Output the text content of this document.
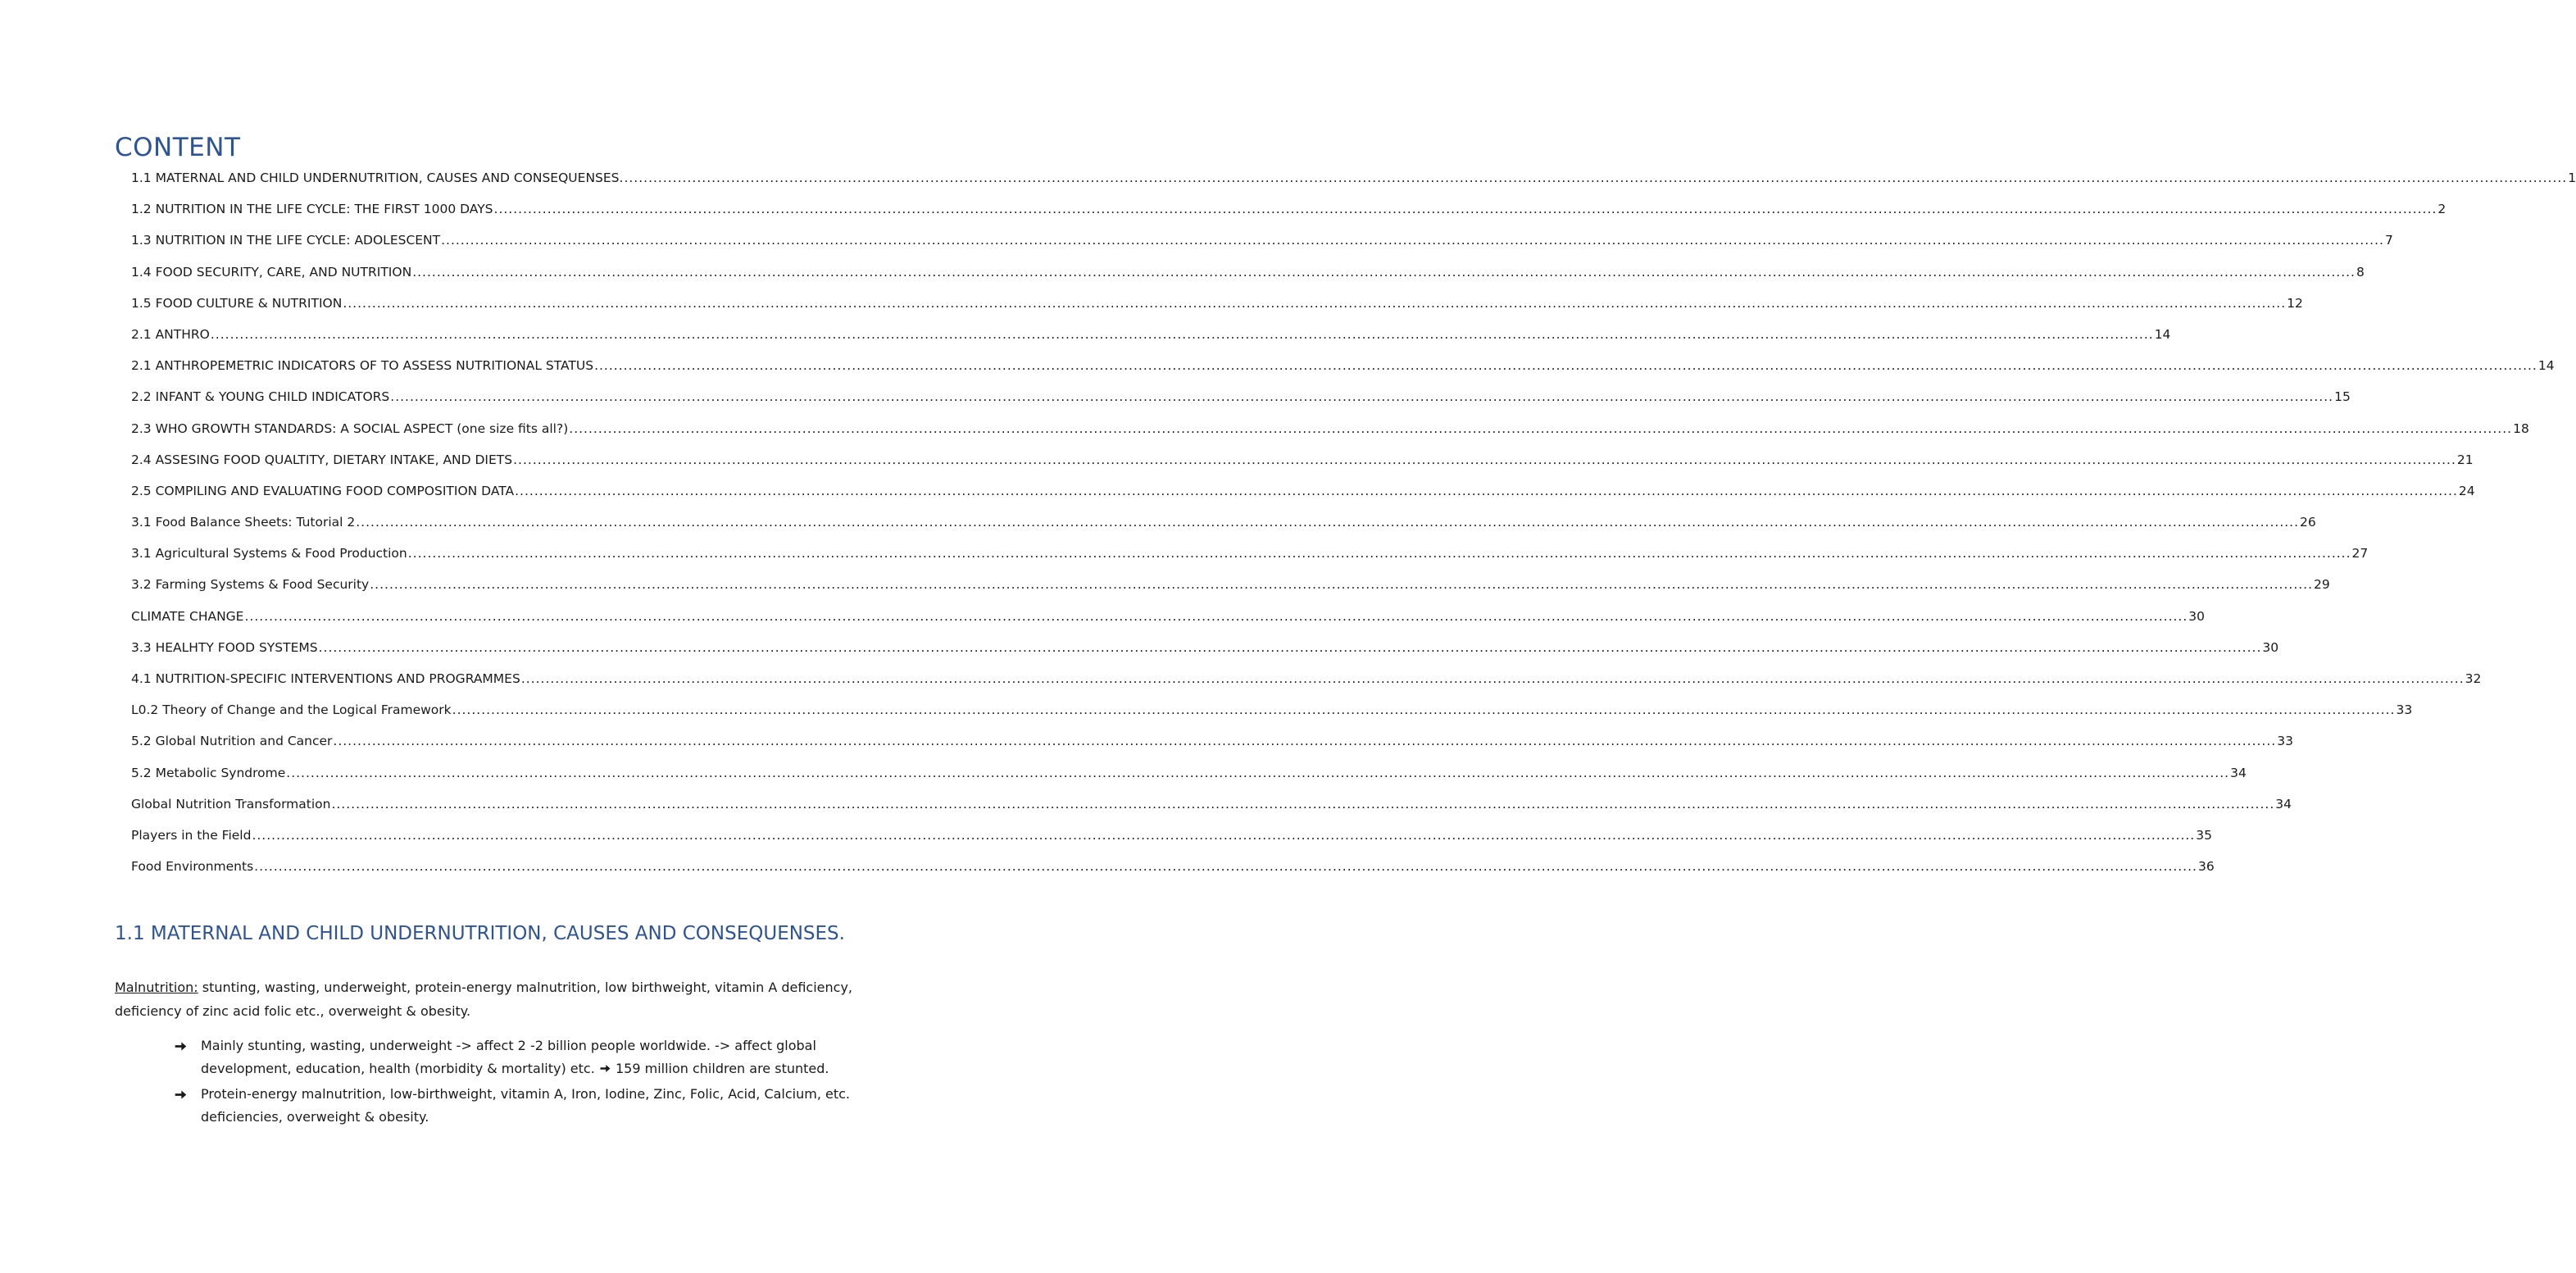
CONTENT
1.1 MATERNAL AND CHILD UNDERNUTRITION, CAUSES AND CONSEQUENSES. ................................................................................................................................................................................................................................................................................................................................................................................................................ 1
1.2 NUTRITION IN THE LIFE CYCLE: THE FIRST 1000 DAYS ................................................................................................................................................................................................................................................................................................................................................................................................................ 2
1.3 NUTRITION IN THE LIFE CYCLE: ADOLESCENT ................................................................................................................................................................................................................................................................................................................................................................................................................ 7
1.4 FOOD SECURITY, CARE, AND NUTRITION ................................................................................................................................................................................................................................................................................................................................................................................................................ 8
1.5 FOOD CULTURE & NUTRITION ................................................................................................................................................................................................................................................................................................................................................................................................................ 12
2.1 ANTHRO ................................................................................................................................................................................................................................................................................................................................................................................................................ 14
2.1 ANTHROPEMETRIC INDICATORS OF TO ASSESS NUTRITIONAL STATUS ................................................................................................................................................................................................................................................................................................................................................................................................................ 14
2.2 INFANT & YOUNG CHILD INDICATORS ................................................................................................................................................................................................................................................................................................................................................................................................................ 15
2.3 WHO GROWTH STANDARDS: A SOCIAL ASPECT (one size fits all?) ................................................................................................................................................................................................................................................................................................................................................................................................................ 18
2.4 ASSESING FOOD QUALTITY, DIETARY INTAKE, AND DIETS ................................................................................................................................................................................................................................................................................................................................................................................................................ 21
2.5 COMPILING AND EVALUATING FOOD COMPOSITION DATA ................................................................................................................................................................................................................................................................................................................................................................................................................ 24
3.1 Food Balance Sheets: Tutorial 2 ................................................................................................................................................................................................................................................................................................................................................................................................................ 26
3.1 Agricultural Systems & Food Production ................................................................................................................................................................................................................................................................................................................................................................................................................ 27
3.2 Farming Systems & Food Security ................................................................................................................................................................................................................................................................................................................................................................................................................ 29
CLIMATE CHANGE ................................................................................................................................................................................................................................................................................................................................................................................................................ 30
3.3 HEALHTY FOOD SYSTEMS ................................................................................................................................................................................................................................................................................................................................................................................................................ 30
4.1 NUTRITION-SPECIFIC INTERVENTIONS AND PROGRAMMES ................................................................................................................................................................................................................................................................................................................................................................................................................ 32
L0.2 Theory of Change and the Logical Framework ................................................................................................................................................................................................................................................................................................................................................................................................................ 33
5.2 Global Nutrition and Cancer ................................................................................................................................................................................................................................................................................................................................................................................................................ 33
5.2 Metabolic Syndrome ................................................................................................................................................................................................................................................................................................................................................................................................................ 34
Global Nutrition Transformation ................................................................................................................................................................................................................................................................................................................................................................................................................ 34
Players in the Field ................................................................................................................................................................................................................................................................................................................................................................................................................ 35
Food Environments ................................................................................................................................................................................................................................................................................................................................................................................................................ 36
1.1 MATERNAL AND CHILD UNDERNUTRITION, CAUSES AND CONSEQUENSES.
Malnutrition: stunting, wasting, underweight, protein-energy malnutrition, low birthweight, vitamin A deficiency, deficiency of zinc acid folic etc., overweight & obesity.
Mainly stunting, wasting, underweight -> affect 2 -2 billion people worldwide. -> affect global development, education, health (morbidity & mortality) etc.  159 million children are stunted.
Protein-energy malnutrition, low-birthweight, vitamin A, Iron, Iodine, Zinc, Folic, Acid, Calcium, etc. deficiencies, overweight & obesity.
